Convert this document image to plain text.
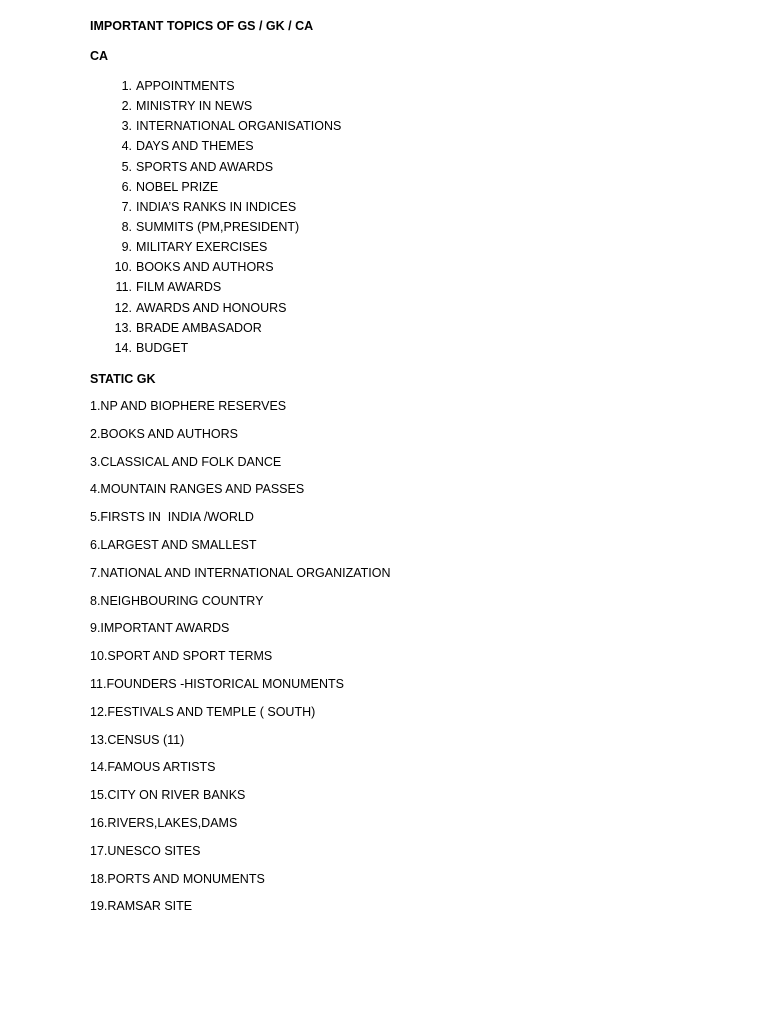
IMPORTANT TOPICS OF GS / GK / CA
CA
1. APPOINTMENTS
2. MINISTRY IN NEWS
3. INTERNATIONAL ORGANISATIONS
4. DAYS AND THEMES
5. SPORTS AND AWARDS
6. NOBEL PRIZE
7. INDIA’S RANKS IN INDICES
8. SUMMITS (PM,PRESIDENT)
9. MILITARY EXERCISES
10. BOOKS AND AUTHORS
11. FILM AWARDS
12. AWARDS AND HONOURS
13. BRADE AMBASADOR
14. BUDGET
STATIC GK
1.NP AND BIOPHERE RESERVES
2.BOOKS AND AUTHORS
3.CLASSICAL AND FOLK DANCE
4.MOUNTAIN RANGES AND PASSES
5.FIRSTS IN  INDIA /WORLD
6.LARGEST AND SMALLEST
7.NATIONAL AND INTERNATIONAL ORGANIZATION
8.NEIGHBOURING COUNTRY
9.IMPORTANT AWARDS
10.SPORT AND SPORT TERMS
11.FOUNDERS -HISTORICAL MONUMENTS
12.FESTIVALS AND TEMPLE ( SOUTH)
13.CENSUS (11)
14.FAMOUS ARTISTS
15.CITY ON RIVER BANKS
16.RIVERS,LAKES,DAMS
17.UNESCO SITES
18.PORTS AND MONUMENTS
19.RAMSAR SITE
